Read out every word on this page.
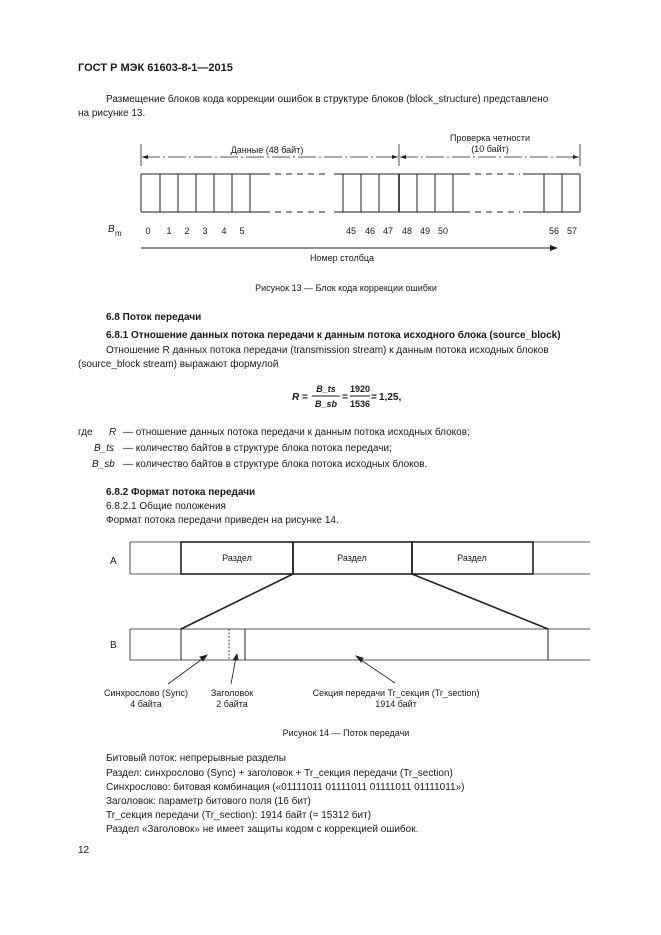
ГОСТ Р МЭК 61603-8-1—2015
Размещение блоков кода коррекции ошибок в структуре блоков (block_structure) представлено
на рисунке 13.
Данные (48 байт)
Проверка четности
(10 байт)
B m	0 1 2 3 4 5	45 46 47 48 49 50	56 57
Номер столбца
Рисунок 13 — Блок кода коррекции ошибки
6.8 Поток передачи
6.8.1 Отношение данных потока передачи к данным потока исходного блока (source_block)
Отношение R данных потока передачи (transmission stream) к данным потока исходных блоков
(source_block stream) выражают формулой
R =
B_ts
B_sb
=
1920
1536
= 1,25,
где R — отношение данных потока передачи к данным потока исходных блоков;
B_ts — количество байтов в структуре блока потока передачи;
B_sb — количество байтов в структуре блока потока исходных блоков.
6.8.2 Формат потока передачи
6.8.2.1 Общие положения
Формат потока передачи приведен на рисунке 14.
A
B
Раздел	Раздел	Раздел
Синхрослово (Sync)
4 байта
Заголовок
2 байта
Секция передачи Tr_секция (Tr_section)
1914 байт
Рисунок 14 — Поток передачи
Битовый поток: непрерывные разделы
Раздел: синхрослово (Sync) + заголовок + Tr_секция передачи (Tr_section)
Синхрослово: битовая комбинация («01111011 01111011 01111011 01111011»)
Заголовок: параметр битового поля (16 бит)
Tr_секция передачи (Tr_section): 1914 байт (= 15312 бит)
Раздел «Заголовок» не имеет защиты кодом с коррекцией ошибок.
12
